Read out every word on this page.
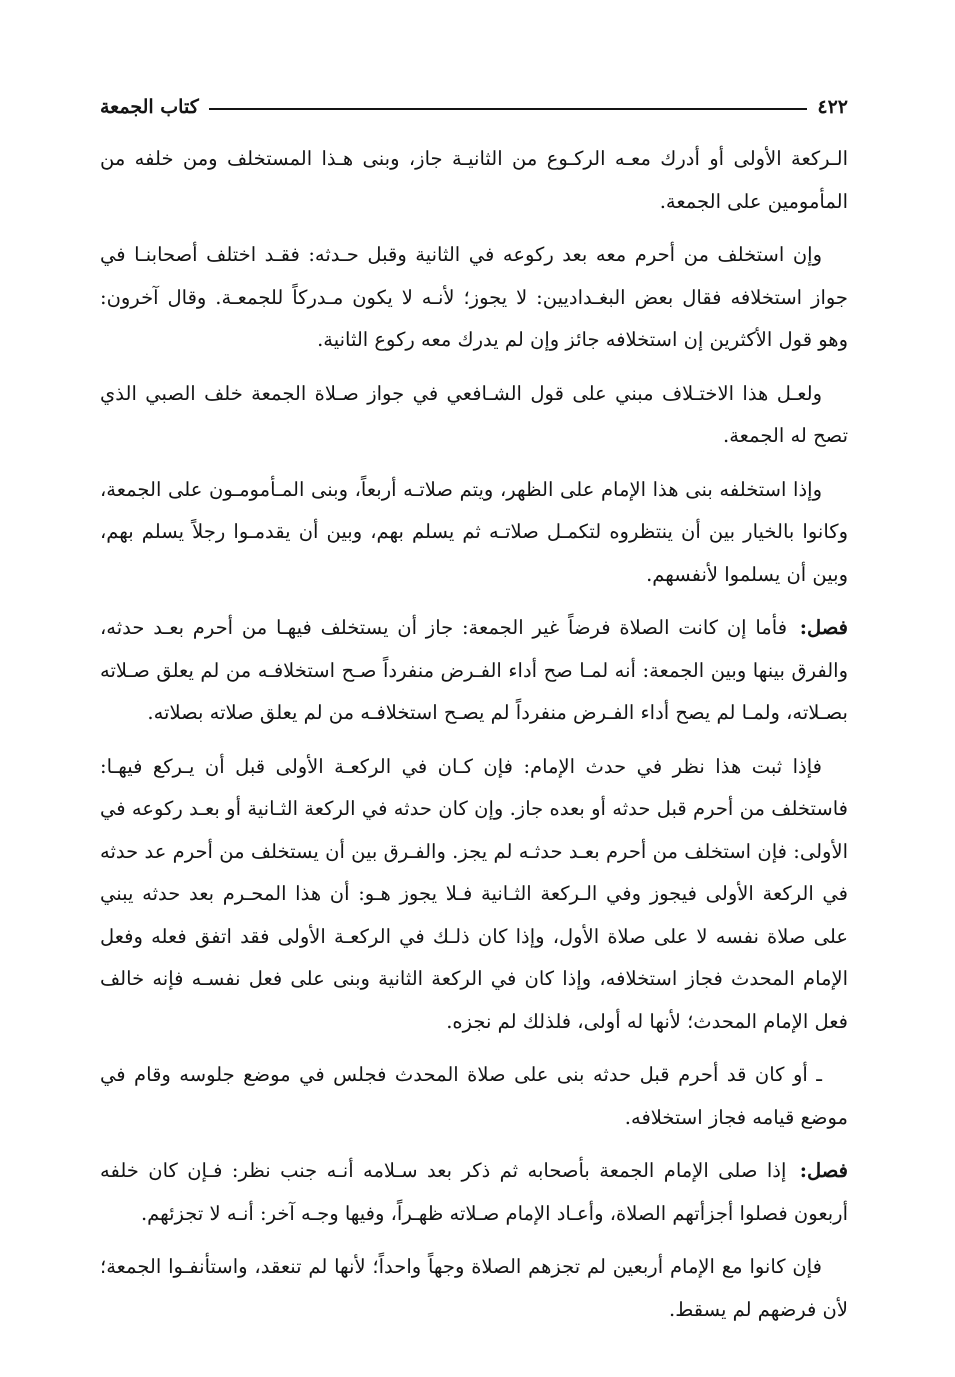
٤٢٢
كتاب الجمعة

الـركعة الأولى أو أدرك معـه الركـوع من الثانيـة جاز، وبنى هـذا المستخلف ومن خلفه من المأمومين على الجمعة.

وإن استخلف من أحرم معه بعد ركوعه في الثانية وقبل حـدثه: فقـد اختلف أصحابنـا في جواز استخلافه فقال بعض البغـداديين: لا يجوز؛ لأنـه لا يكون مـدركاً للجمعـة. وقال آخرون: وهو قول الأكثرين إن استخلافه جائز وإن لم يدرك معه ركوع الثانية.

ولعـل هذا الاختـلاف مبني على قول الشـافعي في جواز صـلاة الجمعة خلف الصبي الذي تصح له الجمعة.

وإذا استخلفه بنى هذا الإمام على الظهر، ويتم صلاتـه أربعاً، وبنى المـأمومـون على الجمعة، وكانوا بالخيار بين أن ينتظروه لتكمـل صلاتـه ثم يسلم بهم، وبين أن يقدمـوا رجلاً يسلم بهم، وبين أن يسلموا لأنفسهم.

فصل: فأما إن كانت الصلاة فرضاً غير الجمعة: جاز أن يستخلف فيهـا من أحرم بعـد حدثه، والفرق بينها وبين الجمعة: أنه لمـا صح أداء الفـرض منفرداً صـح استخلافـه من لم يعلق صـلاته بصـلاته، ولمـا لم يصح أداء الفـرض منفرداً لم يصـح استخلافـه من لم يعلق صلاته بصلاته.

فإذا ثبت هذا نظر في حدث الإمام: فإن كـان في الركعـة الأولى قبل أن يـركع فيهـا: فاستخلف من أحرم قبل حدثه أو بعده جاز. وإن كان حدثه في الركعة الثـانية أو بعـد ركوعه في الأولى: فإن استخلف من أحرم بعـد حدثـه لم يجز. والفـرق بين أن يستخلف من أحرم عد حدثه في الركعة الأولى فيجوز وفي الـركعة الثـانية فـلا يجوز هـو: أن هذا المحـرم بعد حدثه يبني على صلاة نفسه لا على صلاة الأول، وإذا كان ذلـك في الركعـة الأولى فقد اتفق فعله وفعل الإمام المحدث فجاز استخلافه، وإذا كان في الركعة الثانية وبنى على فعل نفسـه فإنه خالف فعل الإمام المحدث؛ لأنها له أولى، فلذلك لم نجزه.

ـ أو كان قد أحرم قبل حدثه بنى على صلاة المحدث فجلس في موضع جلوسه وقام في موضع قيامه فجاز استخلافه.

فصل: إذا صلى الإمام الجمعة بأصحابه ثم ذكر بعد سـلامه أنـه جنب نظر: فـإن كان خلفه أربعون فصلوا أجزأتهم الصلاة، وأعـاد الإمام صـلاته ظهـراً، وفيها وجـه آخر: أنـه لا تجزئهم.

فإن كانوا مع الإمام أربعين لم تجزهم الصلاة وجهاً واحداً؛ لأنها لم تنعقد، واستأنفـوا الجمعة؛ لأن فرضهم لم يسقط.
